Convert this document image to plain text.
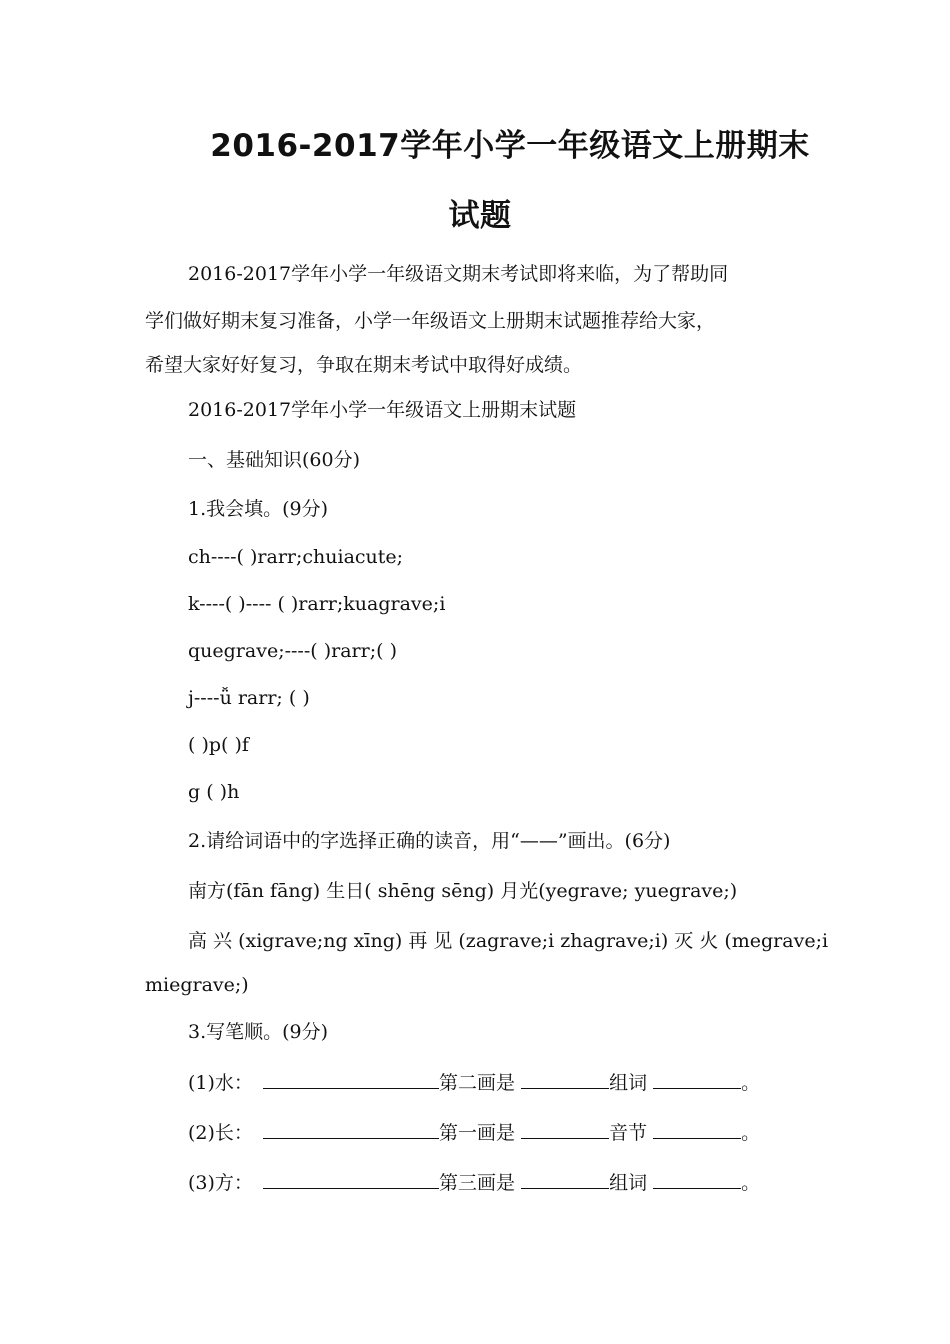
2016-2017学年小学一年级语文上册期末
试题
2016-2017学年小学一年级语文期末考试即将来临，为了帮助同
学们做好期末复习准备，小学一年级语文上册期末试题推荐给大家，
希望大家好好复习，争取在期末考试中取得好成绩。
2016-2017学年小学一年级语文上册期末试题
一、基础知识(60分)
1.我会填。(9分)
ch----( )rarr;chuiacute;
k----( )---- ( )rarr;kuagrave;i
quegrave;----( )rarr;( )
j----ǚ rarr; ( )
( )p( )f
g ( )h
2.请给词语中的字选择正确的读音，用“——”画出。(6分)
南方(fān fāng) 生日( shēng sēng) 月光(yegrave; yuegrave;)
高 兴 (xigrave;ng xīng) 再 见 (zagrave;i zhagrave;i) 灭 火 (megrave;i
miegrave;)
3.写笔顺。(9分)
(1)水：	第二画是	组词	。
(2)长：	第一画是	音节	。
(3)方：	第三画是	组词	。
